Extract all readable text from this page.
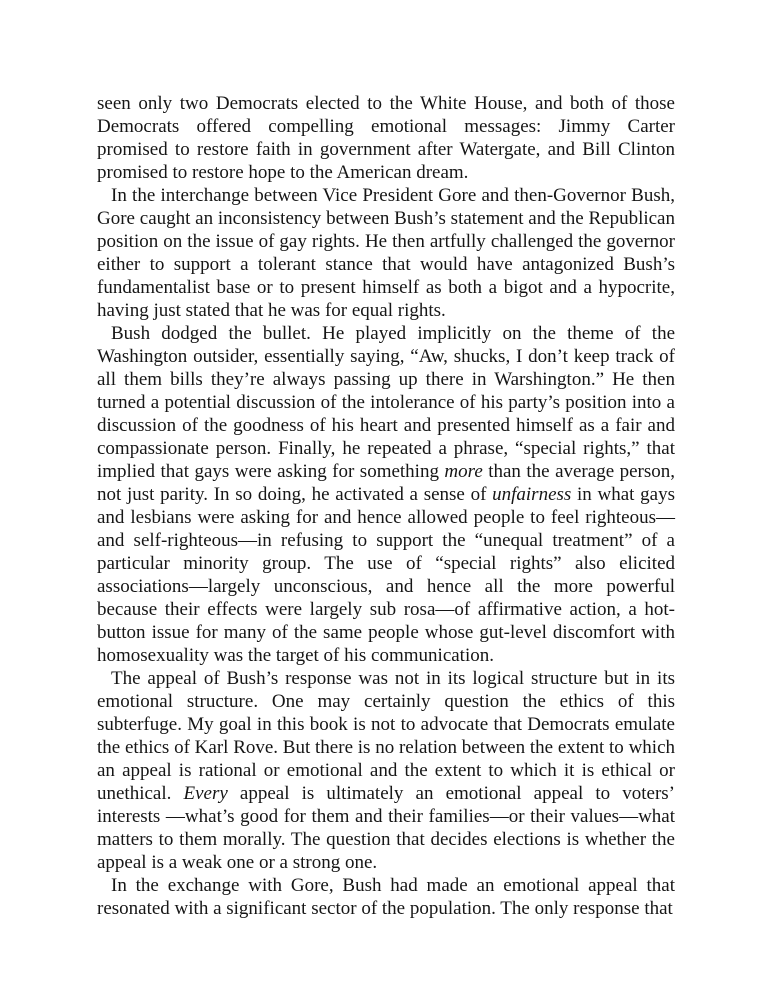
seen only two Democrats elected to the White House, and both of those Democrats offered compelling emotional messages: Jimmy Carter promised to restore faith in government after Watergate, and Bill Clinton promised to restore hope to the American dream.

In the interchange between Vice President Gore and then-Governor Bush, Gore caught an inconsistency between Bush’s statement and the Republican position on the issue of gay rights. He then artfully challenged the governor either to support a tolerant stance that would have antagonized Bush’s fundamentalist base or to present himself as both a bigot and a hypocrite, having just stated that he was for equal rights.

Bush dodged the bullet. He played implicitly on the theme of the Washington outsider, essentially saying, “Aw, shucks, I don’t keep track of all them bills they’re always passing up there in Warshington.” He then turned a potential discussion of the intolerance of his party’s position into a discussion of the goodness of his heart and presented himself as a fair and compassionate person. Finally, he repeated a phrase, “special rights,” that implied that gays were asking for something more than the average person, not just parity. In so doing, he activated a sense of unfairness in what gays and lesbians were asking for and hence allowed people to feel righteous—and self-righteous—in refusing to support the “unequal treatment” of a particular minority group. The use of “special rights” also elicited associations—largely unconscious, and hence all the more powerful because their effects were largely sub rosa—of affirmative action, a hot-button issue for many of the same people whose gut-level discomfort with homosexuality was the target of his communication.

The appeal of Bush’s response was not in its logical structure but in its emotional structure. One may certainly question the ethics of this subterfuge. My goal in this book is not to advocate that Democrats emulate the ethics of Karl Rove. But there is no relation between the extent to which an appeal is rational or emotional and the extent to which it is ethical or unethical. Every appeal is ultimately an emotional appeal to voters’ interests —what’s good for them and their families—or their values—what matters to them morally. The question that decides elections is whether the appeal is a weak one or a strong one.

In the exchange with Gore, Bush had made an emotional appeal that resonated with a significant sector of the population. The only response that
